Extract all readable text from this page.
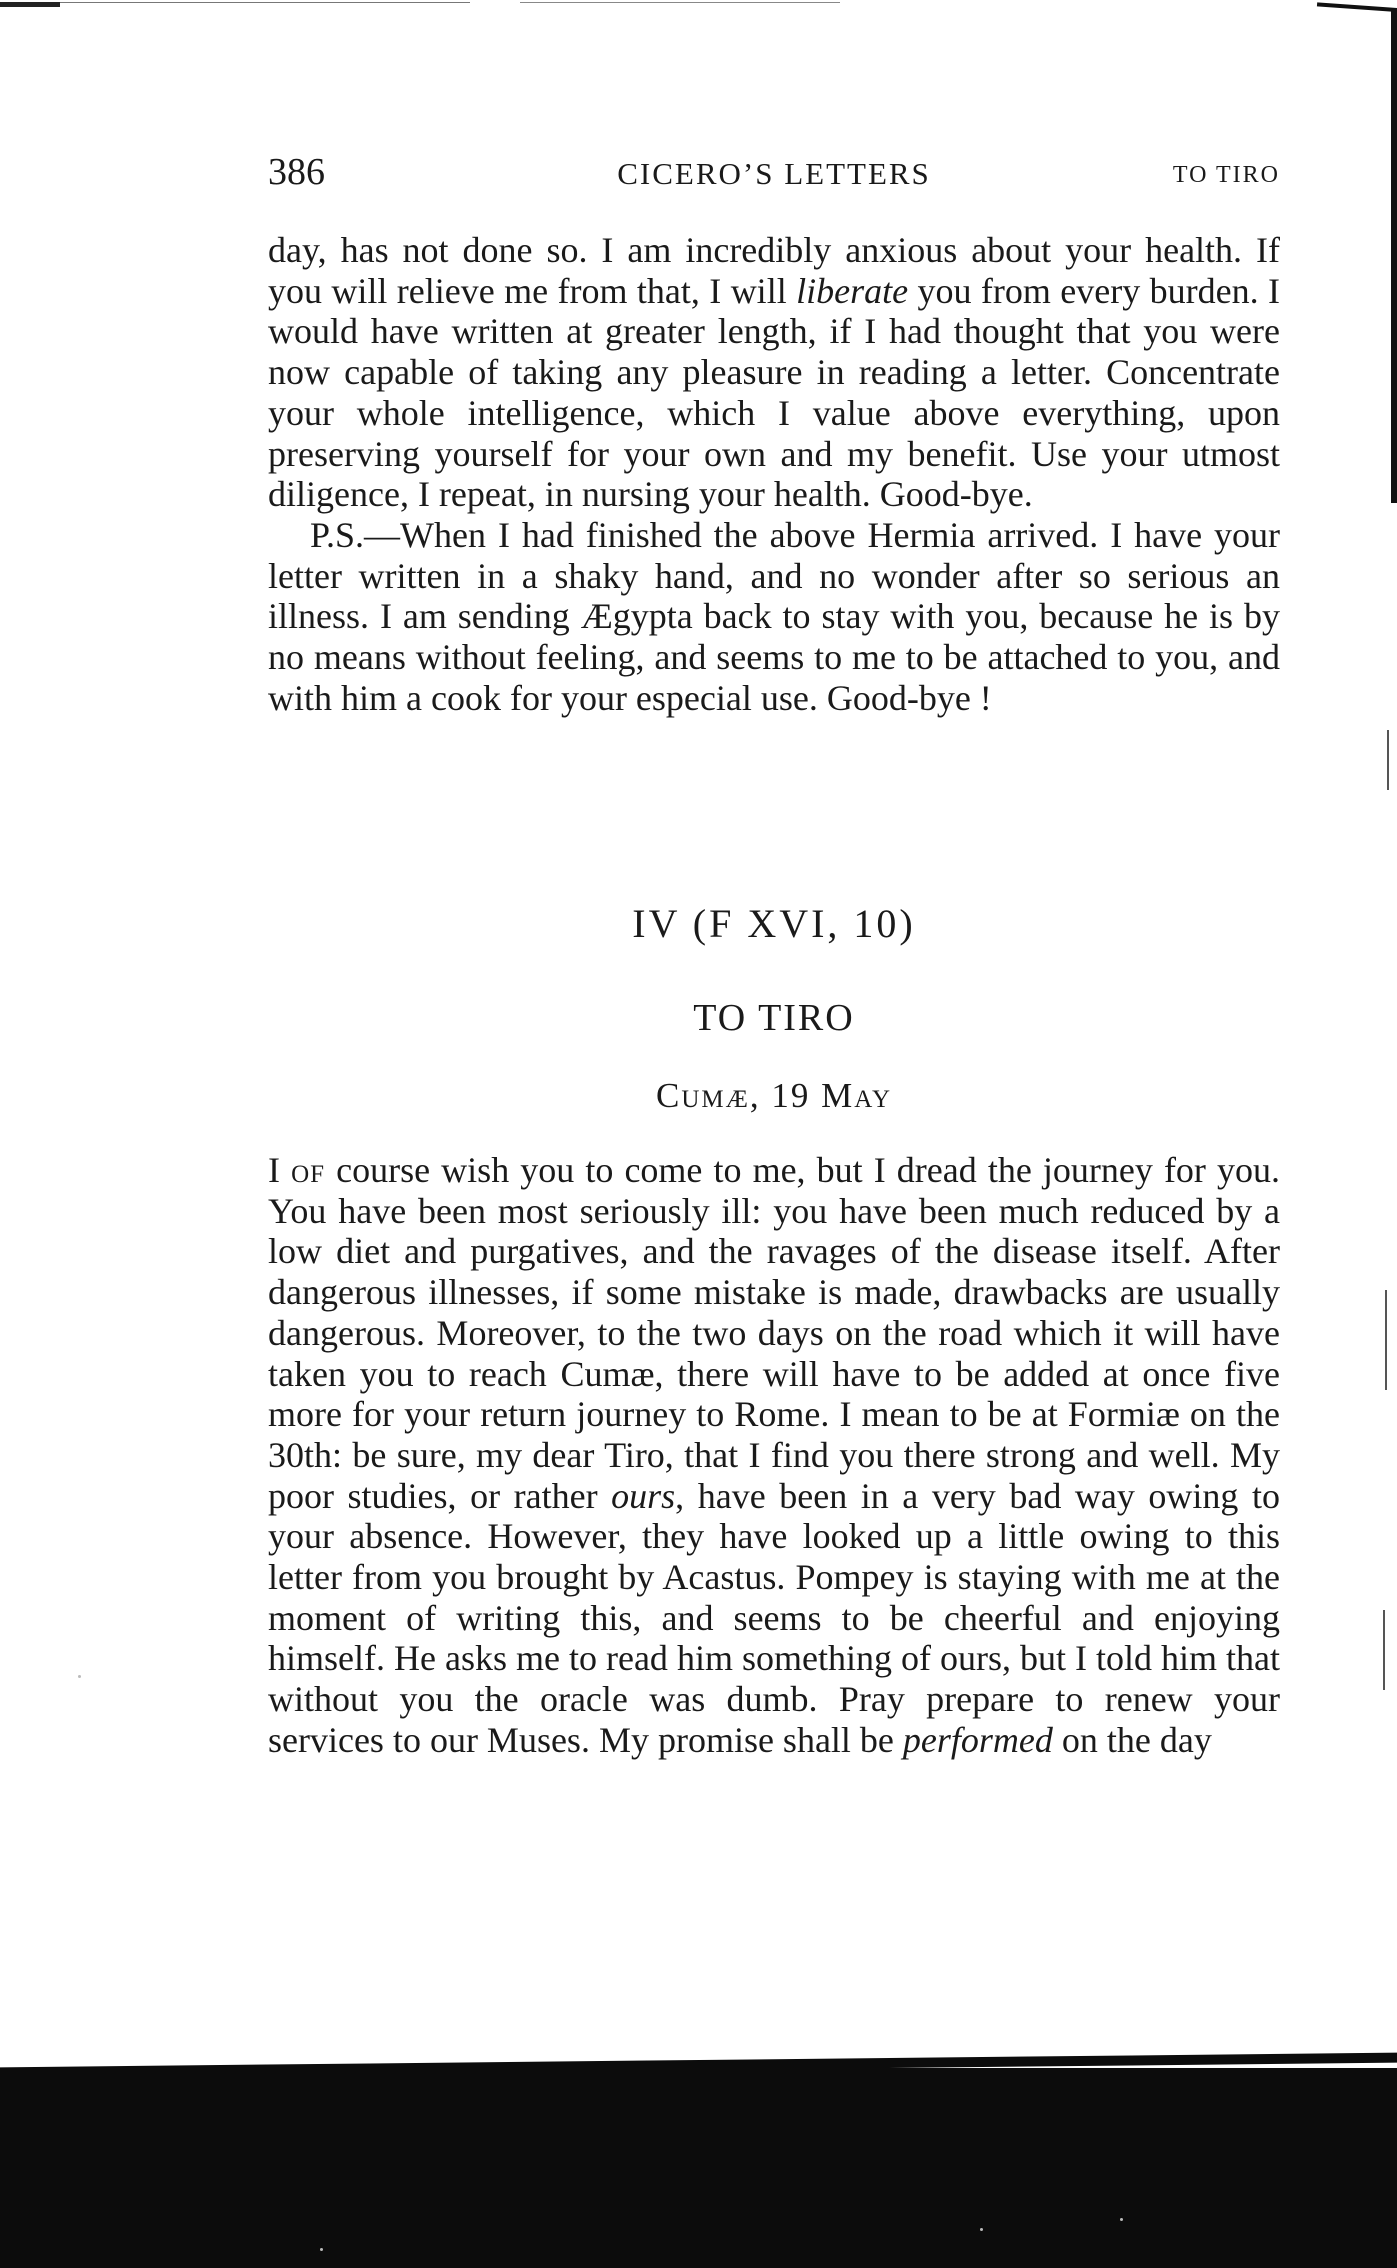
386	CICERO’S LETTERS	TO TIRO

day, has not done so. I am incredibly anxious about your health. If you will relieve me from that, I will liberate you from every burden. I would have written at greater length, if I had thought that you were now capable of taking any pleasure in reading a letter. Concentrate your whole intelligence, which I value above everything, upon preserving yourself for your own and my benefit. Use your utmost diligence, I repeat, in nursing your health. Good-bye.

P.S.—When I had finished the above Hermia arrived. I have your letter written in a shaky hand, and no wonder after so serious an illness. I am sending Ægypta back to stay with you, because he is by no means without feeling, and seems to me to be attached to you, and with him a cook for your especial use. Good-bye !

IV (F XVI, 10)
TO TIRO
Cumæ, 19 May

I of course wish you to come to me, but I dread the journey for you. You have been most seriously ill: you have been much reduced by a low diet and purgatives, and the ravages of the disease itself. After dangerous illnesses, if some mistake is made, drawbacks are usually dangerous. Moreover, to the two days on the road which it will have taken you to reach Cumæ, there will have to be added at once five more for your return journey to Rome. I mean to be at Formiæ on the 30th: be sure, my dear Tiro, that I find you there strong and well. My poor studies, or rather ours, have been in a very bad way owing to your absence. However, they have looked up a little owing to this letter from you brought by Acastus. Pompey is staying with me at the moment of writing this, and seems to be cheerful and enjoying himself. He asks me to read him something of ours, but I told him that without you the oracle was dumb. Pray prepare to renew your services to our Muses. My promise shall be performed on the day
